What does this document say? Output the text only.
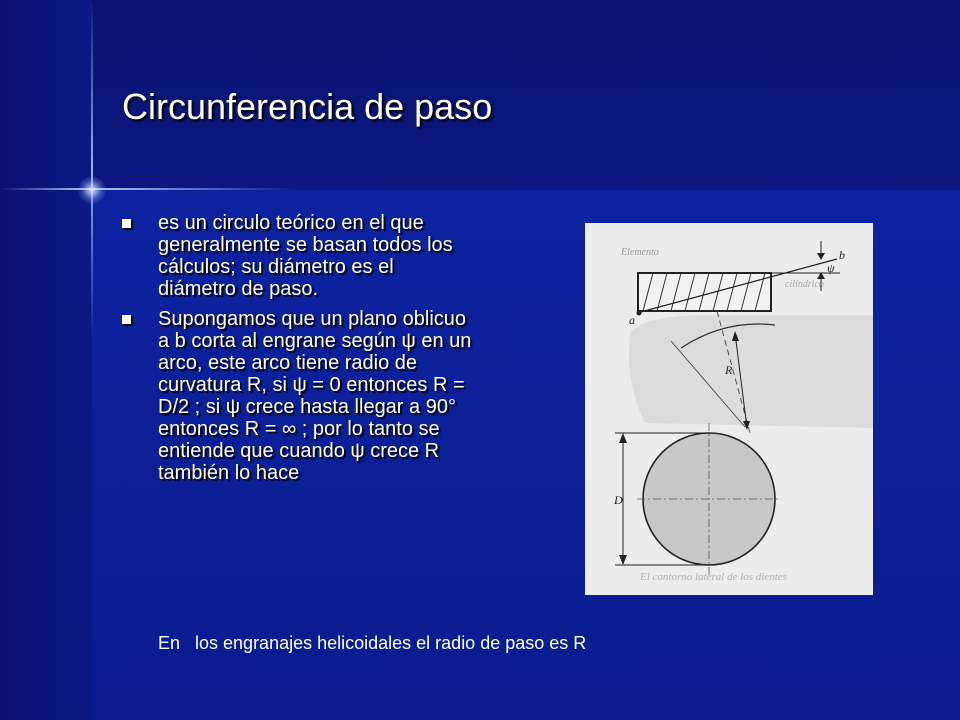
Circunferencia de paso
es un circulo teórico en el que generalmente se basan todos los cálculos; su diámetro es el diámetro de paso.
Supongamos que un plano oblicuo a b corta al engrane según ψ en un arco, este arco tiene radio de curvatura R, si ψ = 0 entonces R = D/2 ; si ψ crece hasta llegar a 90° entonces R = ∞ ; por lo tanto se entiende que cuando ψ crece R también lo hace
Elemento
cilíndrico
El contorno lateral de los dientes
a
b
ψ
R
D

En   los engranajes helicoidales el radio de paso es R
